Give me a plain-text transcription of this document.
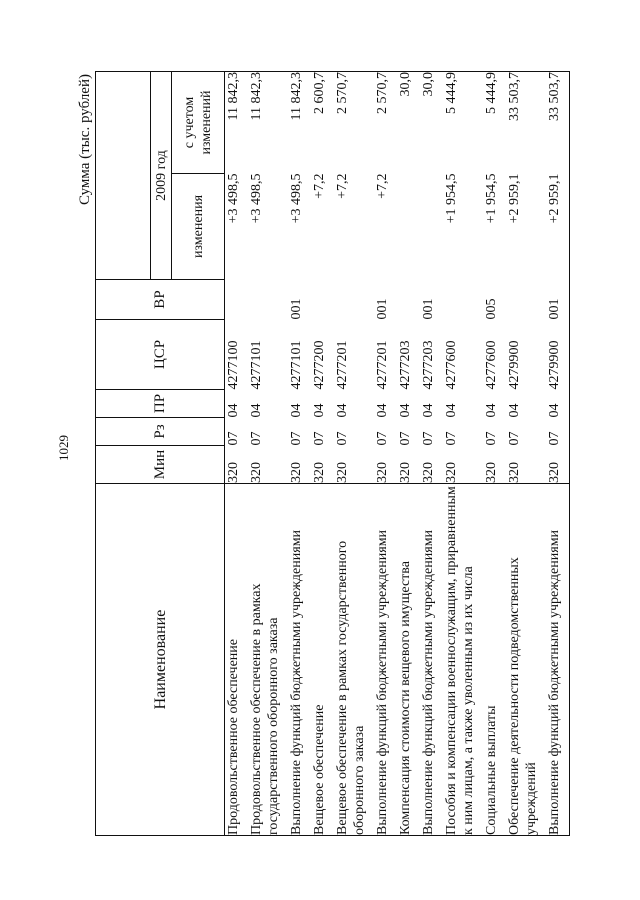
1029
Сумма (тыс. рублей)
Наименование	Мин	Рз	ПР	ЦСР	ВР		
						2009 год	
						изменения	с учетом изменений
Продовольственное обеспечение	320	07	04	4277100		+3 498,5	11 842,3

Продовольственное обеспечение в рамках государственного оборонного заказа	320	07	04	4277101		+3 498,5	11 842,3

Выполнение функций бюджетными учреждениями	320	07	04	4277101	001	+3 498,5	11 842,3

Вещевое обеспечение	320	07	04	4277200		+7,2	2 600,7

Вещевое обеспечение в рамках государственного оборонного заказа	320	07	04	4277201		+7,2	2 570,7

Выполнение функций бюджетными учреждениями	320	07	04	4277201	001	+7,2	2 570,7

Компенсация стоимости вещевого имущества	320	07	04	4277203			30,0

Выполнение функций бюджетными учреждениями	320	07	04	4277203	001		30,0

Пособия и компенсации военнослужащим, приравненным к ним лицам, а также уволенным из их числа	320	07	04	4277600		+1 954,5	5 444,9

Социальные выплаты	320	07	04	4277600	005	+1 954,5	5 444,9

Обеспечение деятельности подведомственных учреждений	320	07	04	4279900		+2 959,1	33 503,7

Выполнение функций бюджетными учреждениями	320	07	04	4279900	001	+2 959,1	33 503,7
